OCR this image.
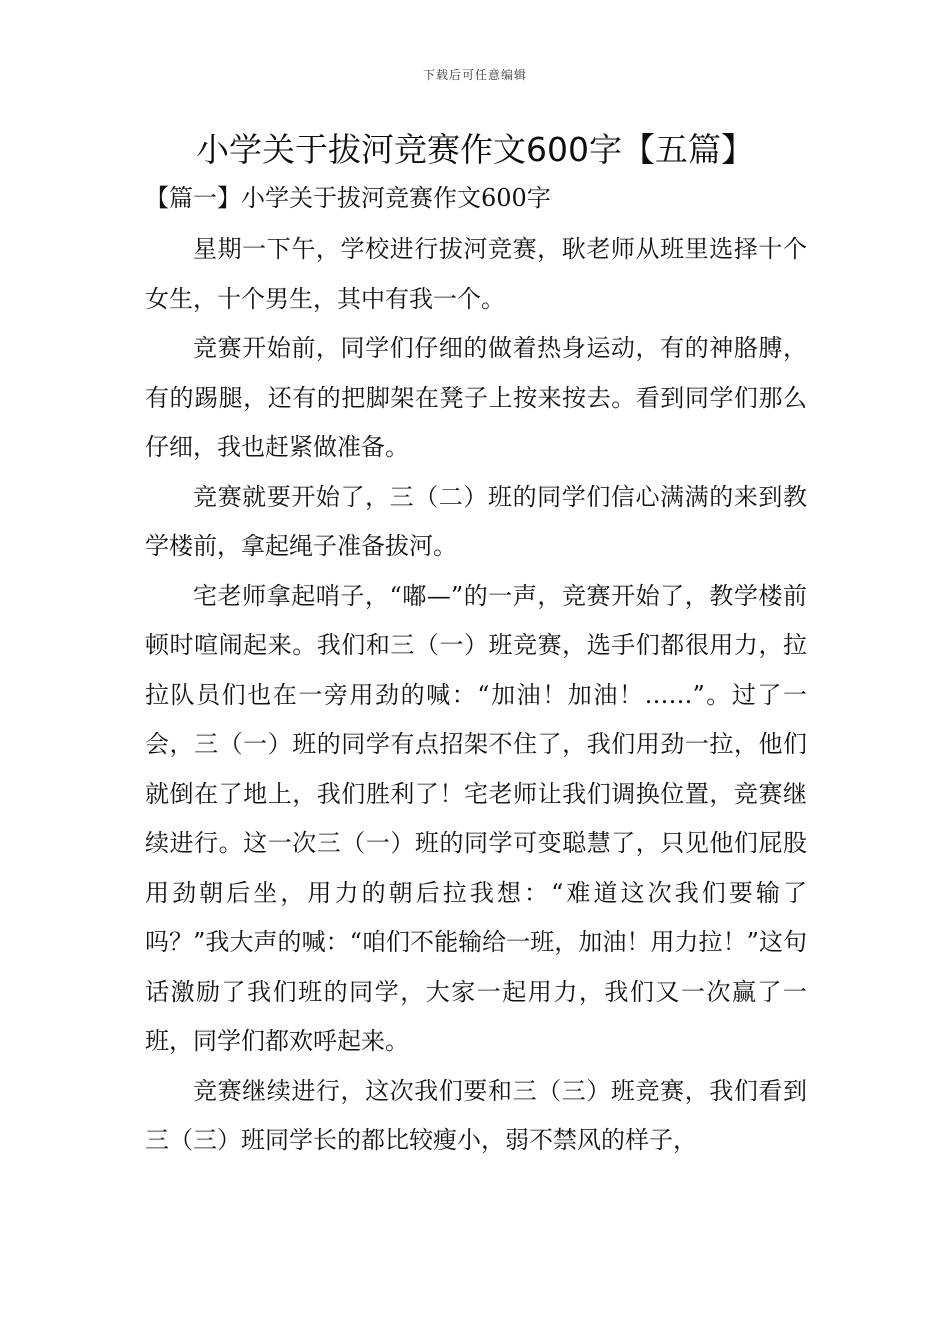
下载后可任意编辑
小学关于拔河竞赛作文600字【五篇】
【篇一】小学关于拔河竞赛作文600字

星期一下午，学校进行拔河竞赛，耿老师从班里选择十个女生，十个男生，其中有我一个。

竞赛开始前，同学们仔细的做着热身运动，有的神胳膊，有的踢腿，还有的把脚架在凳子上按来按去。看到同学们那么仔细，我也赶紧做准备。

竞赛就要开始了，三（二）班的同学们信心满满的来到教学楼前，拿起绳子准备拔河。

宅老师拿起哨子，“嘟—”的一声，竞赛开始了，教学楼前顿时喧闹起来。我们和三（一）班竞赛，选手们都很用力，拉拉队员们也在一旁用劲的喊：“加油！加油！……”。过了一会，三（一）班的同学有点招架不住了，我们用劲一拉，他们就倒在了地上，我们胜利了！宅老师让我们调换位置，竞赛继续进行。这一次三（一）班的同学可变聪慧了，只见他们屁股用劲朝后坐，用力的朝后拉我想：“难道这次我们要输了吗？”我大声的喊：“咱们不能输给一班，加油！用力拉！”这句话激励了我们班的同学，大家一起用力，我们又一次赢了一班，同学们都欢呼起来。

竞赛继续进行，这次我们要和三（三）班竞赛，我们看到三（三）班同学长的都比较瘦小，弱不禁风的样子，
